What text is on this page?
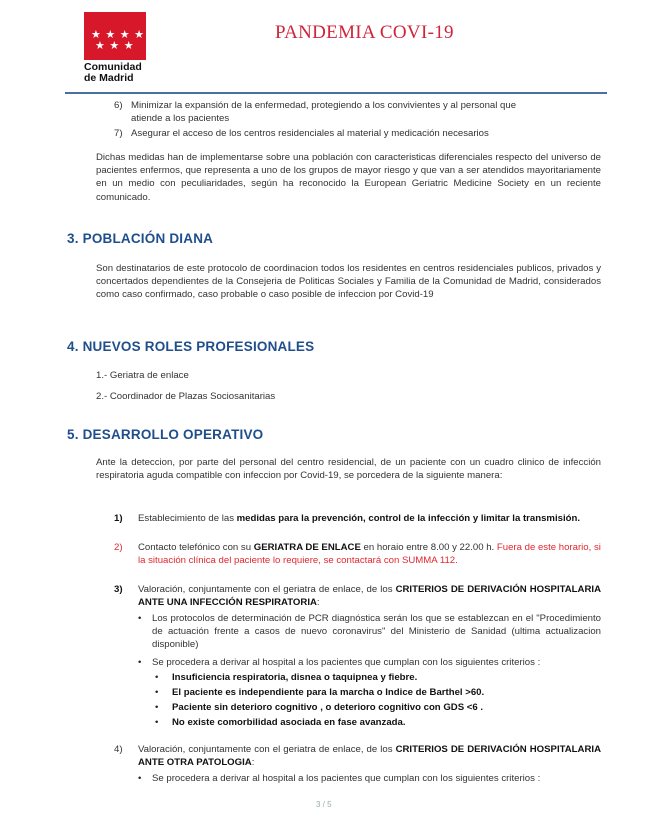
★ ★ ★ ★
★ ★ ★
Comunidad
de Madrid
PANDEMIA COVI-19
6) Minimizar la expansión de la enfermedad, protegiendo a los convivientes y al personal que
atiende a los pacientes
7) Asegurar el acceso de los centros residenciales al material y medicación necesarios
Dichas medidas han de implementarse sobre una población con caracteristicas diferenciales respecto del universo de pacientes enfermos, que representa a uno de los grupos de mayor riesgo y que van a ser atendidos mayoritariamente en un medio con peculiaridades, según ha reconocido la European Geriatric Medicine Society en un reciente comunicado.
3. POBLACIÓN DIANA
Son destinatarios de este protocolo de coordinacion todos los residentes en centros residenciales publicos, privados y concertados dependientes de la Consejeria de Politicas Sociales y Familia de la Comunidad de Madrid, considerados como caso confirmado, caso probable o caso posible de infeccion por Covid-19
4. NUEVOS ROLES PROFESIONALES
1.- Geriatra de enlace
2.- Coordinador de Plazas Sociosanitarias
5. DESARROLLO OPERATIVO
Ante la deteccion, por parte del personal del centro residencial, de un paciente con un cuadro clinico de infección respiratoria aguda compatible con infeccion por Covid-19, se porcedera de la siguiente manera:
1) Establecimiento de las medidas para la prevención, control de la infección y limitar la transmisión.
2) Contacto telefónico con su GERIATRA DE ENLACE en horaio entre 8.00 y 22.00 h. Fuera de este horario, si la situación clínica del paciente lo requiere, se contactará con SUMMA 112.
3) Valoración, conjuntamente con el geriatra de enlace, de los CRITERIOS DE DERIVACIÓN HOSPITALARIA ANTE UNA INFECCIÓN RESPIRATORIA:
• Los protocolos de determinación de PCR diagnóstica serán los que se establezcan en el "Procedimiento de actuación frente a casos de nuevo coronavirus" del Ministerio de Sanidad (ultima actualizacion disponible)
• Se procedera a derivar al hospital a los pacientes que cumplan con los siguientes criterios :
• Insuficiencia respiratoria, disnea o taquipnea y fiebre.
• El paciente es independiente para la marcha o Indice de Barthel >60.
• Paciente sin deterioro cognitivo , o deterioro cognitivo con GDS <6 .
• No existe comorbilidad asociada en fase avanzada.
4) Valoración, conjuntamente con el geriatra de enlace, de los CRITERIOS DE DERIVACIÓN HOSPITALARIA ANTE OTRA PATOLOGIA:
• Se procedera a derivar al hospital a los pacientes que cumplan con los siguientes criterios :
3 / 5
